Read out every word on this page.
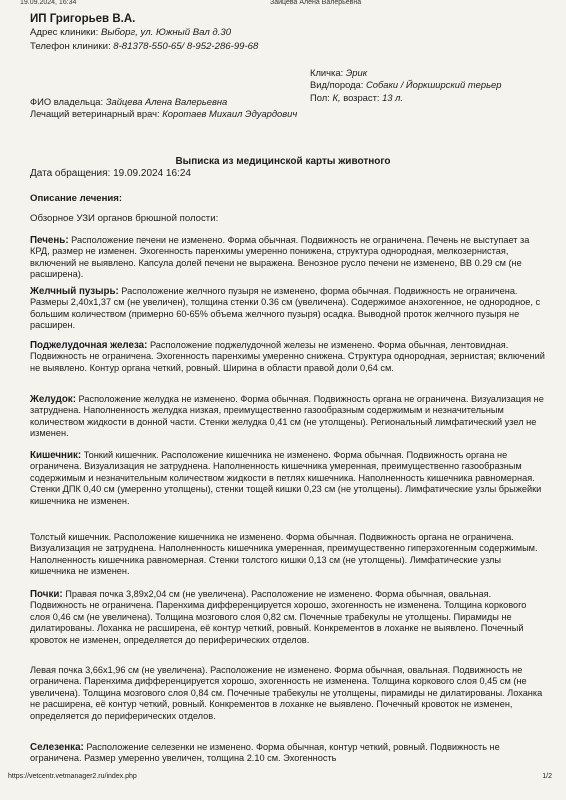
19.09.2024, 16:34	Зайцева Алена Валерьевна
ИП Григорьев В.А.
Адрес клиники: Выборг, ул. Южный Вал д.30
Телефон клиники: 8-81378-550-65/ 8-952-286-99-68
Кличка: Эрик
Вид/порода: Собаки / Йоркширский терьер
Пол: К, возраст: 13 л.
ФИО владельца: Зайцева Алена Валерьевна
Лечащий ветеринарный врач: Коротаев Михаил Эдуардович
Выписка из медицинской карты животного
Дата обращения: 19.09.2024 16:24
Описание лечения:
Обзорное УЗИ органов брюшной полости:
Печень: Расположение печени не изменено. Форма обычная. Подвижность не ограничена. Печень не выступает за КРД, размер не изменен. Эхогенность паренхимы умеренно понижена, структура однородная, мелкозернистая, включений не выявлено. Капсула долей печени не выражена. Венозное русло печени не изменено, ВВ 0.29 см (не расширена).
Желчный пузырь: Расположение желчного пузыря не изменено, форма обычная. Подвижность не ограничена. Размеры 2,40х1,37 см (не увеличен), толщина стенки 0.36 см (увеличена). Содержимое анэхогенное, не однородное, с большим количеством (примерно 60-65% объема желчного пузыря) осадка. Выводной проток желчного пузыря не расширен.
Поджелудочная железа: Расположение поджелудочной железы не изменено. Форма обычная, лентовидная. Подвижность не ограничена. Эхогенность паренхимы умеренно снижена. Структура однородная, зернистая; включений не выявлено. Контур органа четкий, ровный. Ширина в области правой доли 0,64 см.
Желудок: Расположение желудка не изменено. Форма обычная. Подвижность органа не ограничена. Визуализация не затруднена. Наполненность желудка низкая, преимущественно газообразным содержимым и незначительным количеством жидкости в донной части. Стенки желудка 0,41 см (не утолщены). Региональный лимфатический узел не изменен.
Кишечник: Тонкий кишечник. Расположение кишечника не изменено. Форма обычная. Подвижность органа не ограничена. Визуализация не затруднена. Наполненность кишечника умеренная, преимущественно газообразным содержимым и незначительным количеством жидкости в петлях кишечника. Наполненность кишечника равномерная. Стенки ДПК 0,40 см (умеренно утолщены), стенки тощей кишки 0,23 см (не утолщены). Лимфатические узлы брыжейки кишечника не изменен.
Толстый кишечник. Расположение кишечника не изменено. Форма обычная. Подвижность органа не ограничена. Визуализация не затруднена. Наполненность кишечника умеренная, преимущественно гиперэхогенным содержимым. Наполненность кишечника равномерная. Стенки толстого кишки 0,13 см (не утолщены). Лимфатические узлы кишечника не изменен.
Почки: Правая почка 3,89х2,04 см (не увеличена). Расположение не изменено. Форма обычная, овальная. Подвижность не ограничена. Паренхима дифференцируется хорошо, эхогенность не изменена. Толщина коркового слоя 0,46 см (не увеличена). Толщина мозгового слоя 0,82 см. Почечные трабекулы не утолщены. Пирамиды не дилатированы. Лоханка не расширена, её контур четкий, ровный. Конкрементов в лоханке не выявлено. Почечный кровоток не изменен, определяется до периферических отделов.
Левая почка 3,66х1,96 см (не увеличена). Расположение не изменено. Форма обычная, овальная. Подвижность не ограничена. Паренхима дифференцируется хорошо, эхогенность не изменена. Толщина коркового слоя 0,45 см (не увеличена). Толщина мозгового слоя 0,84 см. Почечные трабекулы не утолщены, пирамиды не дилатированы. Лоханка не расширена, её контур четкий, ровный. Конкрементов в лоханке не выявлено. Почечный кровоток не изменен, определяется до периферических отделов.
Селезенка: Расположение селезенки не изменено. Форма обычная, контур четкий, ровный. Подвижность не ограничена. Размер умеренно увеличен, толщина 2.10 см. Эхогенность
https://vetcentr.vetmanager2.ru/index.php	1/2
